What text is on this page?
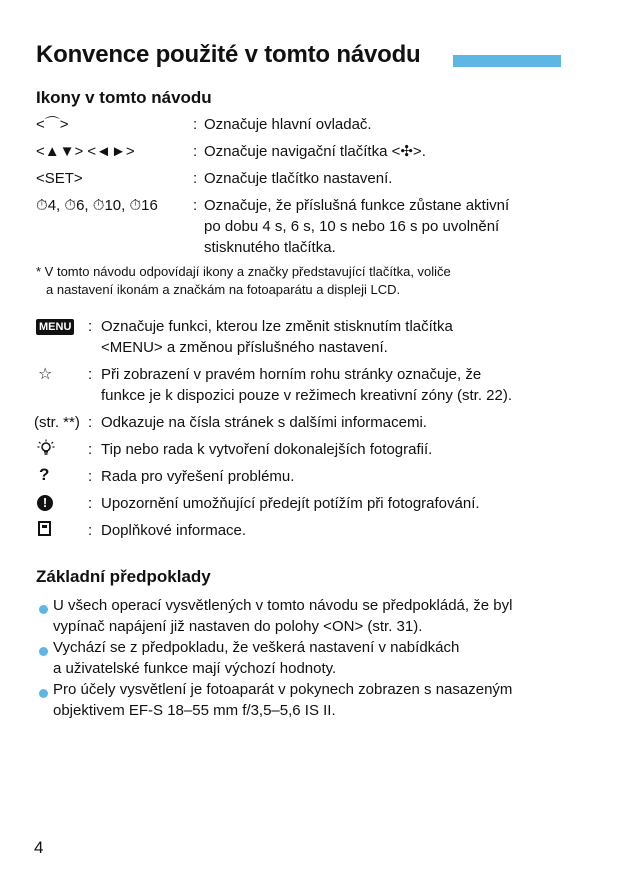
Konvence použité v tomto návodu
Ikony v tomto návodu
<⌒>	: Označuje hlavní ovladač.
<▲▼> <◄►>	: Označuje navigační tlačítka <✣>.
<SET>	: Označuje tlačítko nastavení.
⏱4, ⏱6, ⏱10, ⏱16 : Označuje, že příslušná funkce zůstane aktivní
po dobu 4 s, 6 s, 10 s nebo 16 s po uvolnění
stisknutého tlačítka.
* V tomto návodu odpovídají ikony a značky představující tlačítka, voliče
a nastavení ikonám a značkám na fotoaparátu a displeji LCD.
MENU : Označuje funkci, kterou lze změnit stisknutím tlačítka
<MENU> a změnou příslušného nastavení.
☆ : Při zobrazení v pravém horním rohu stránky označuje, že
funkce je k dispozici pouze v režimech kreativní zóny (str. 22).
(str. **) : Odkazuje na čísla stránek s dalšími informacemi.
: Tip nebo rada k vytvoření dokonalejších fotografií.
?	: Rada pro vyřešení problému.
!	: Upozornění umožňující předejít potížím při fotografování.
: Doplňkové informace.
Základní předpoklady
U všech operací vysvětlených v tomto návodu se předpokládá, že byl
vypínač napájení již nastaven do polohy <ON> (str. 31).
Vychází se z předpokladu, že veškerá nastavení v nabídkách
a uživatelské funkce mají výchozí hodnoty.
Pro účely vysvětlení je fotoaparát v pokynech zobrazen s nasazeným
objektivem EF-S 18–55 mm f/3,5–5,6 IS II.
4
